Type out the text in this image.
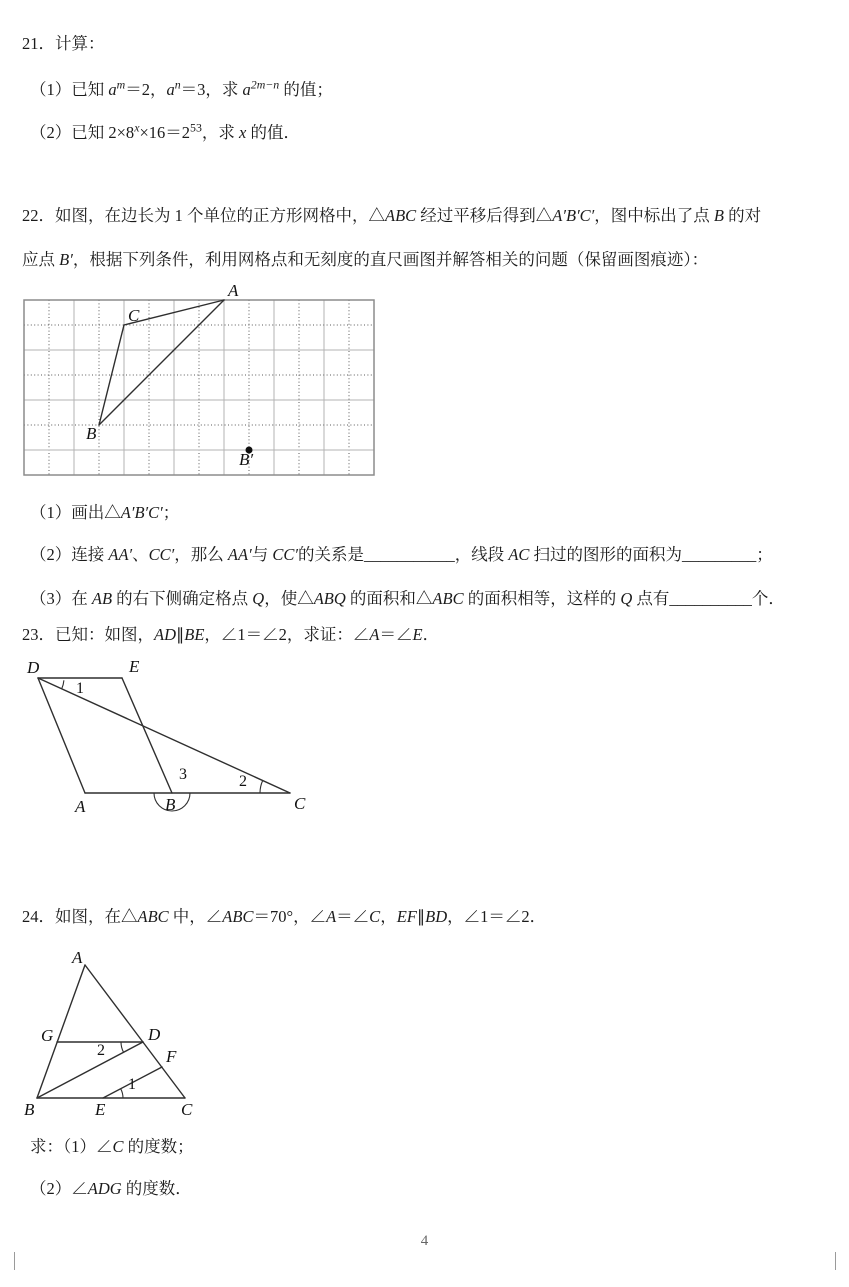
21．计算：
（1）已知 $a^m=2$，$a^n=3$，求 $a^{2m-n}$ 的值；
（2）已知 $2\times 8^x\times 16=2^{53}$，求 x 的值．
22．如图，在边长为 1 个单位的正方形网格中，△ABC 经过平移后得到△A′B′C′，图中标出了点 B 的对
应点 B′，根据下列条件，利用网格点和无刻度的直尺画图并解答相关的问题（保留画图痕迹）：
A
C
B
B′
（1）画出△A′B′C′；
（2）连接 AA′、CC′，那么 AA′与 CC′的关系是___________，线段 AC 扫过的图形的面积为_________；
（3）在 AB 的右下侧确定格点 Q，使△ABQ 的面积和△ABC 的面积相等，这样的 Q 点有__________个．
23．已知：如图，AD∥BE，∠1＝∠2，求证：∠A＝∠E．
D	E
A	B	C
1
3	2
24．如图，在△ABC 中，∠ABC＝70°，∠A＝∠C，EF∥BD，∠1＝∠2．
A
B	C
G	D
F
E
2
1
求：（1）∠C 的度数；
（2）∠ADG 的度数．
4
